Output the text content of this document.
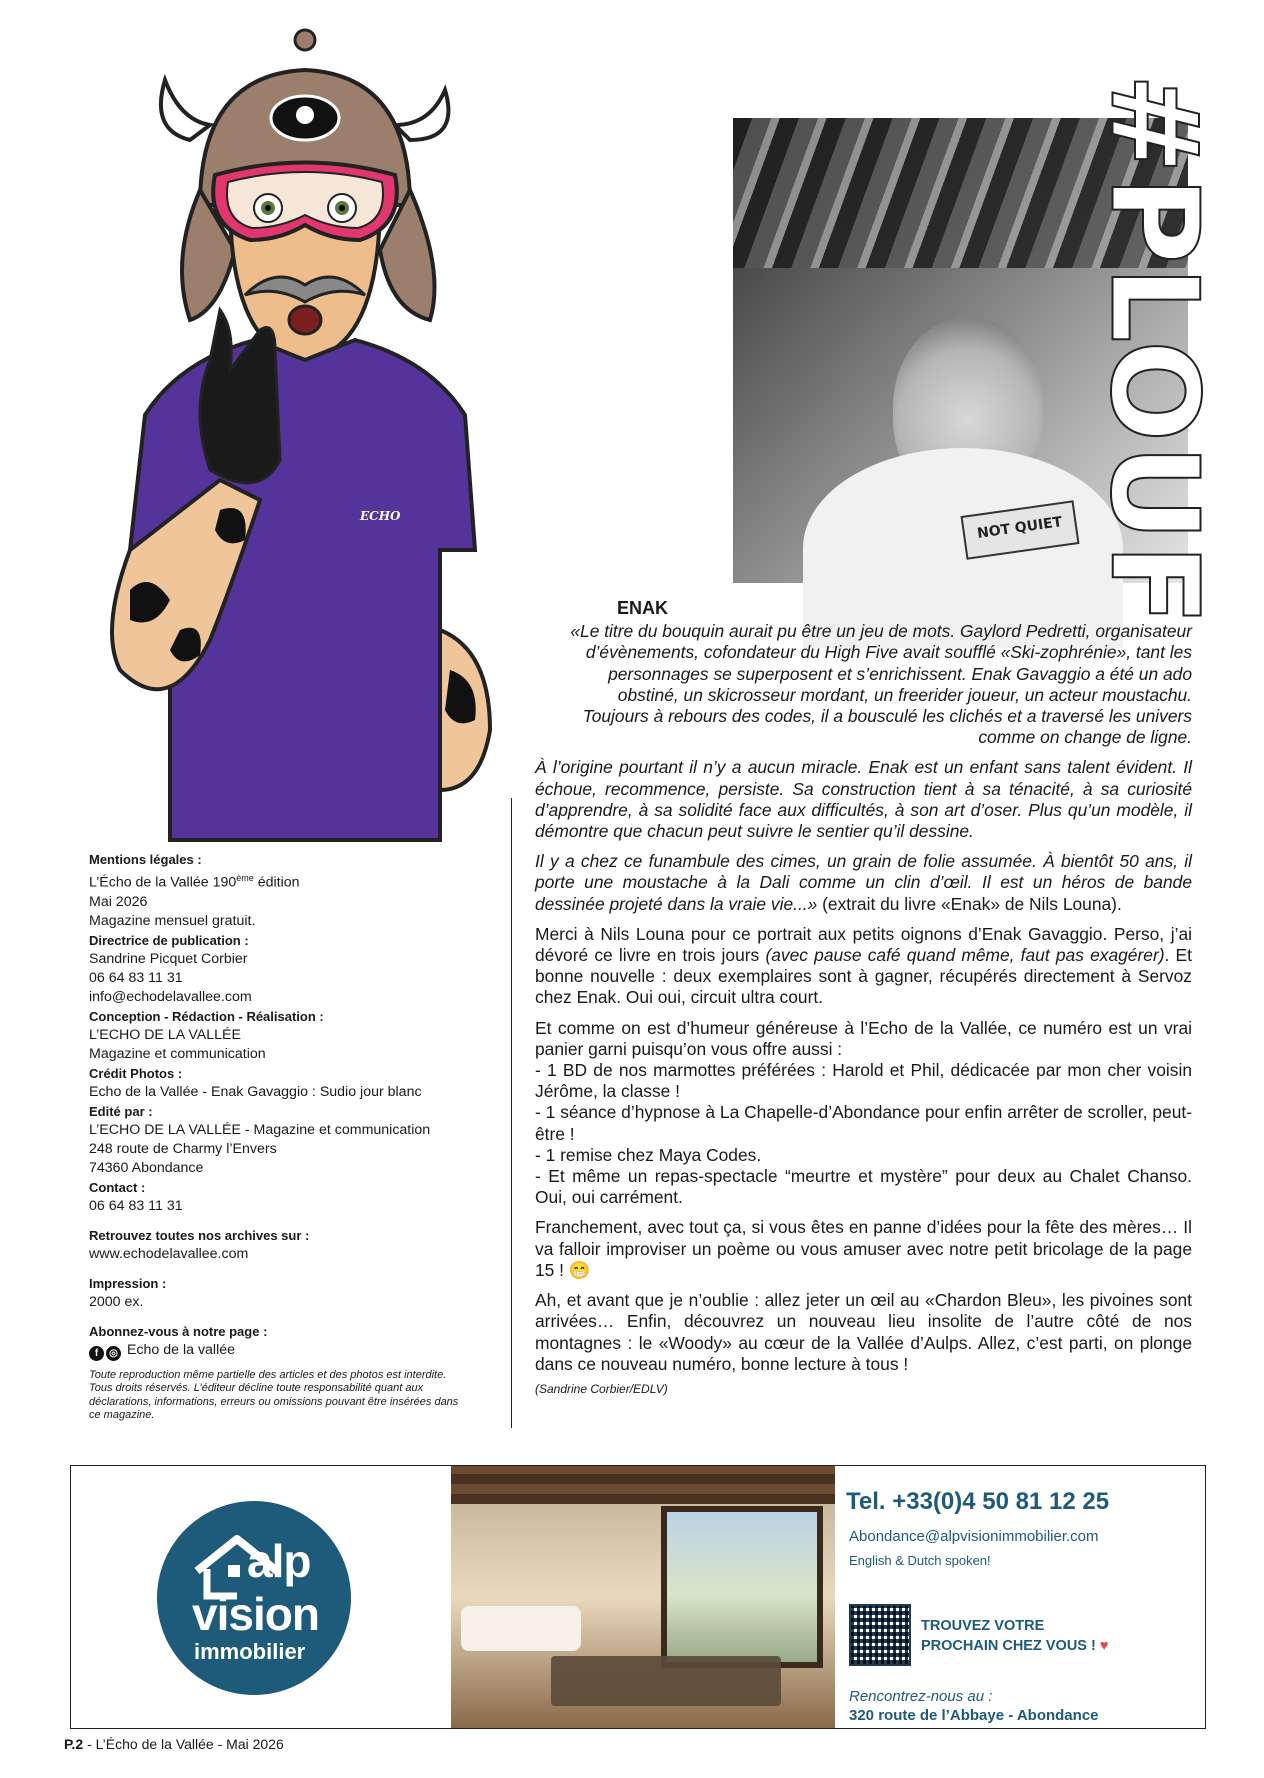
ECHO	NOT QUIET #PLOUF
Mentions légales :
L’Écho de la Vallée 190ème édition
Mai 2026
Magazine mensuel gratuit.
Directrice de publication :
Sandrine Picquet Corbier
06 64 83 11 31
info@echodelavallee.com
Conception - Rédaction - Réalisation :
L’ECHO DE LA VALLÉE
Magazine et communication
Crédit Photos :
Echo de la Vallée - Enak Gavaggio : Sudio jour blanc
Edité par :
L’ECHO DE LA VALLÉE - Magazine et communication
248 route de Charmy l’Envers
74360 Abondance
Contact :
06 64 83 11 31
Retrouvez toutes nos archives sur :
www.echodelavallee.com
Impression :
2000 ex.
Abonnez-vous à notre page :
f ◎ Echo de la vallée
Toute reproduction même partielle des articles et des photos est interdite. Tous droits réservés. L’éditeur décline toute responsabilité quant aux déclarations, informations, erreurs ou omissions pouvant être insérées dans ce magazine.
ENAK

«Le titre du bouquin aurait pu être un jeu de mots. Gaylord Pedretti, organisateur d’évènements, cofondateur du High Five avait soufflé «Ski-zophrénie», tant les personnages se superposent et s’enrichissent. Enak Gavaggio a été un ado obstiné, un skicrosseur mordant, un freerider joueur, un acteur moustachu. Toujours à rebours des codes, il a bousculé les clichés et a traversé les univers comme on change de ligne.

À l’origine pourtant il n’y a aucun miracle. Enak est un enfant sans talent évident. Il échoue, recommence, persiste. Sa construction tient à sa ténacité, à sa curiosité d’apprendre, à sa solidité face aux difficultés, à son art d’oser. Plus qu’un modèle, il démontre que chacun peut suivre le sentier qu’il dessine.

Il y a chez ce funambule des cimes, un grain de folie assumée. À bientôt 50 ans, il porte une moustache à la Dali comme un clin d’œil. Il est un héros de bande dessinée projeté dans la vraie vie...» (extrait du livre «Enak» de Nils Louna).

Merci à Nils Louna pour ce portrait aux petits oignons d’Enak Gavaggio. Perso, j’ai dévoré ce livre en trois jours (avec pause café quand même, faut pas exagérer). Et bonne nouvelle : deux exemplaires sont à gagner, récupérés directement à Servoz chez Enak. Oui oui, circuit ultra court.

Et comme on est d’humeur généreuse à l’Echo de la Vallée, ce numéro est un vrai panier garni puisqu’on vous offre aussi :
- 1 BD de nos marmottes préférées : Harold et Phil, dédicacée par mon cher voisin Jérôme, la classe !
- 1 séance d’hypnose à La Chapelle-d’Abondance pour enfin arrêter de scroller, peut-être !
- 1 remise chez Maya Codes.
- Et même un repas-spectacle “meurtre et mystère” pour deux au Chalet Chanso. Oui, oui carrément.

Franchement, avec tout ça, si vous êtes en panne d’idées pour la fête des mères… Il va falloir improviser un poème ou vous amuser avec notre petit bricolage de la page 15 ! 😁

Ah, et avant que je n’oublie : allez jeter un œil au «Chardon Bleu», les pivoines sont arrivées… Enfin, découvrez un nouveau lieu insolite de l’autre côté de nos montagnes : le «Woody» au cœur de la Vallée d’Aulps. Allez, c’est parti, on plonge dans ce nouveau numéro, bonne lecture à tous !

(Sandrine Corbier/EDLV)
alp
vision
immobilier
Tel. +33(0)4 50 81 12 25
Abondance@alpvisionimmobilier.com
English & Dutch spoken!
TROUVEZ VOTRE
PROCHAIN CHEZ VOUS ! ♥
Rencontrez-nous au :
320 route de l’Abbaye - Abondance
P.2 - L’Écho de la Vallée - Mai 2026
